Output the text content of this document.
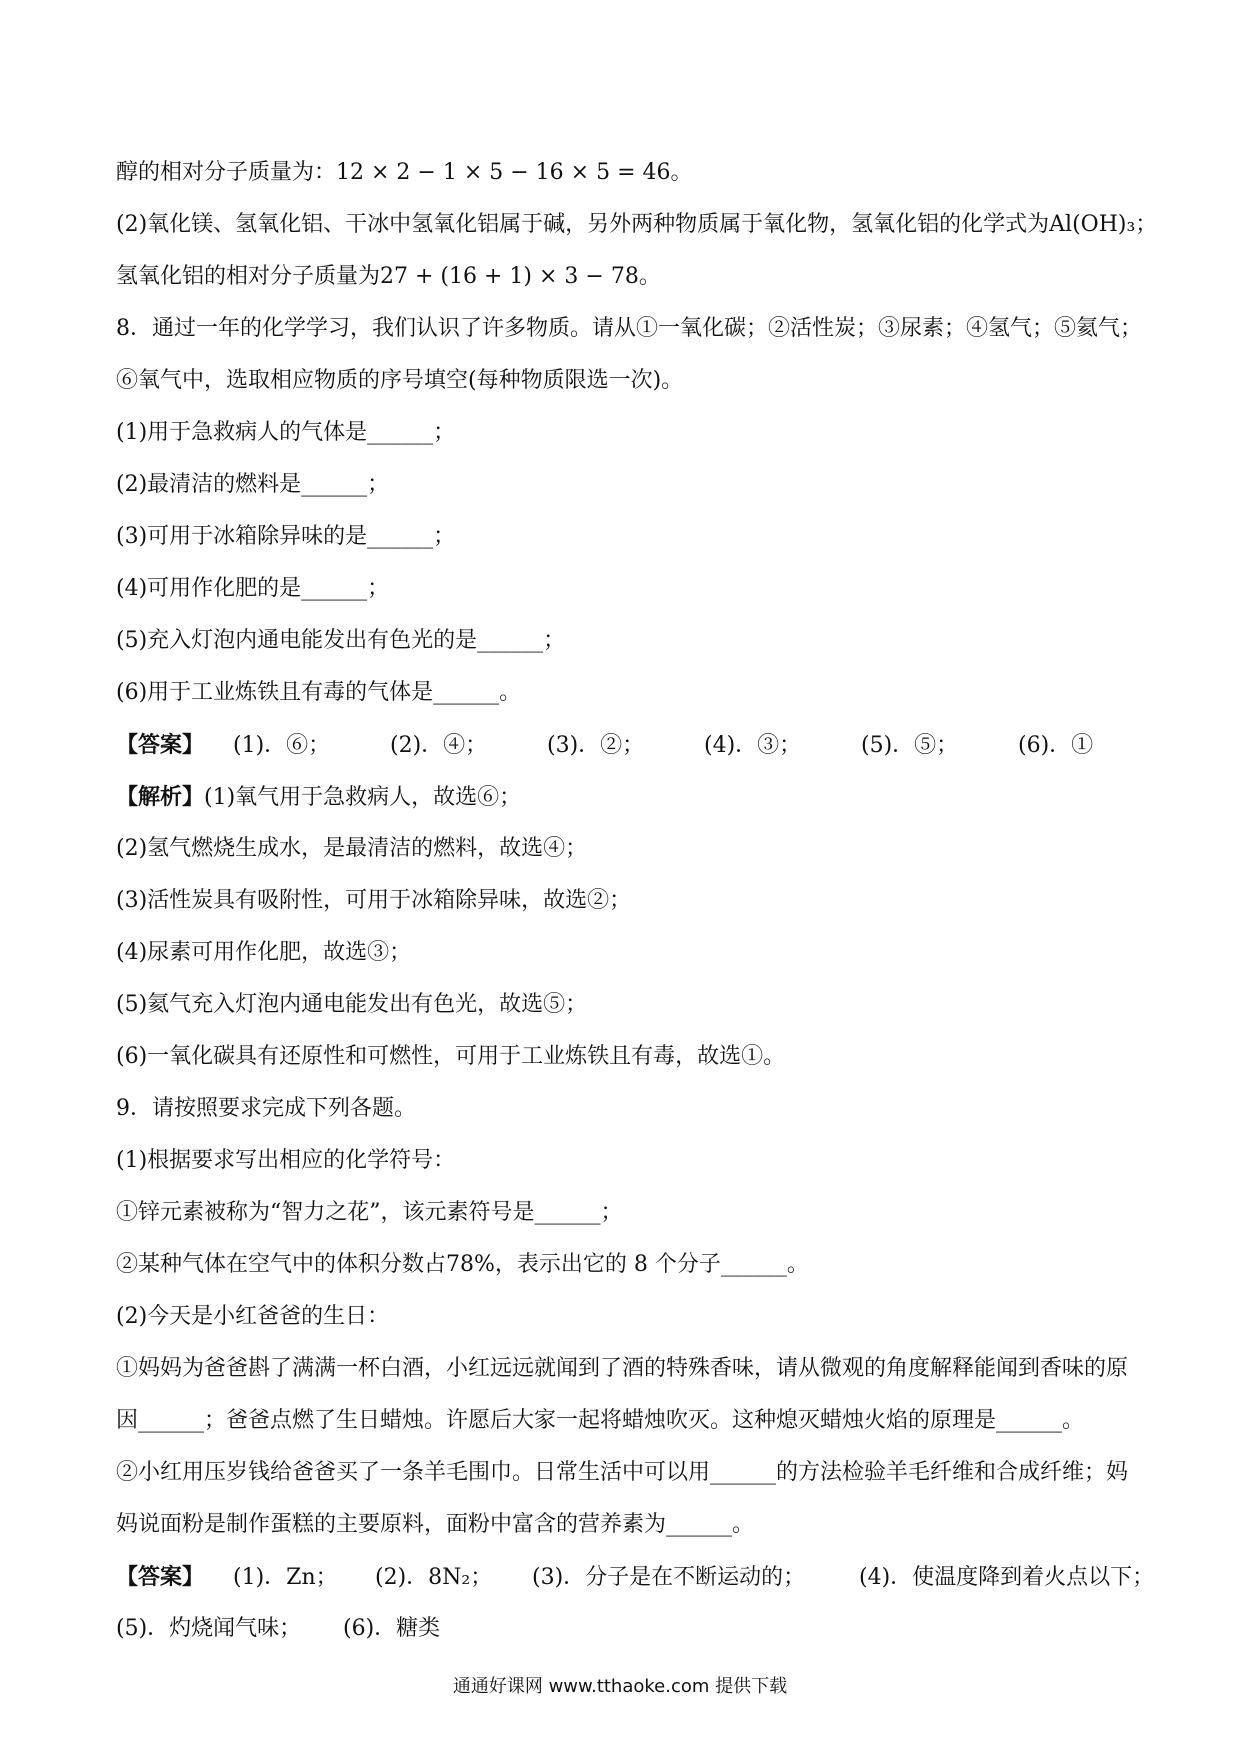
醇的相对分子质量为：12 × 2 − 1 × 5 − 16 × 5 = 46。
(2)氧化镁、氢氧化铝、干冰中氢氧化铝属于碱，另外两种物质属于氧化物，氢氧化铝的化学式为Al(OH)₃；
氢氧化铝的相对分子质量为27 + (16 + 1) × 3 − 78。
8．通过一年的化学学习，我们认识了许多物质。请从①一氧化碳；②活性炭；③尿素；④氢气；⑤氦气；
⑥氧气中，选取相应物质的序号填空(每种物质限选一次)。
(1)用于急救病人的气体是______；
(2)最清洁的燃料是______；
(3)可用于冰箱除异味的是______；
(4)可用作化肥的是______；
(5)充入灯泡内通电能发出有色光的是______；
(6)用于工业炼铁且有毒的气体是______。
【答案】 (1)．⑥；	(2)．④；	(3)．②；	(4)．③；	(5)．⑤；	(6)．①
【解析】(1)氧气用于急救病人，故选⑥；
(2)氢气燃烧生成水，是最清洁的燃料，故选④；
(3)活性炭具有吸附性，可用于冰箱除异味，故选②；
(4)尿素可用作化肥，故选③；
(5)氦气充入灯泡内通电能发出有色光，故选⑤；
(6)一氧化碳具有还原性和可燃性，可用于工业炼铁且有毒，故选①。
9．请按照要求完成下列各题。
(1)根据要求写出相应的化学符号：
①锌元素被称为“智力之花”，该元素符号是______；
②某种气体在空气中的体积分数占78%，表示出它的 8 个分子______。
(2)今天是小红爸爸的生日：
①妈妈为爸爸斟了满满一杯白酒，小红远远就闻到了酒的特殊香味，请从微观的角度解释能闻到香味的原
因______；爸爸点燃了生日蜡烛。许愿后大家一起将蜡烛吹灭。这种熄灭蜡烛火焰的原理是______。
②小红用压岁钱给爸爸买了一条羊毛围巾。日常生活中可以用______的方法检验羊毛纤维和合成纤维；妈
妈说面粉是制作蛋糕的主要原料，面粉中富含的营养素为______。
【答案】 (1)．Zn； (2)．8N₂； (3)．分子是在不断运动的； (4)．使温度降到着火点以下；
(5)．灼烧闻气味； (6)．糖类
通通好课网 www.tthaoke.com 提供下载
